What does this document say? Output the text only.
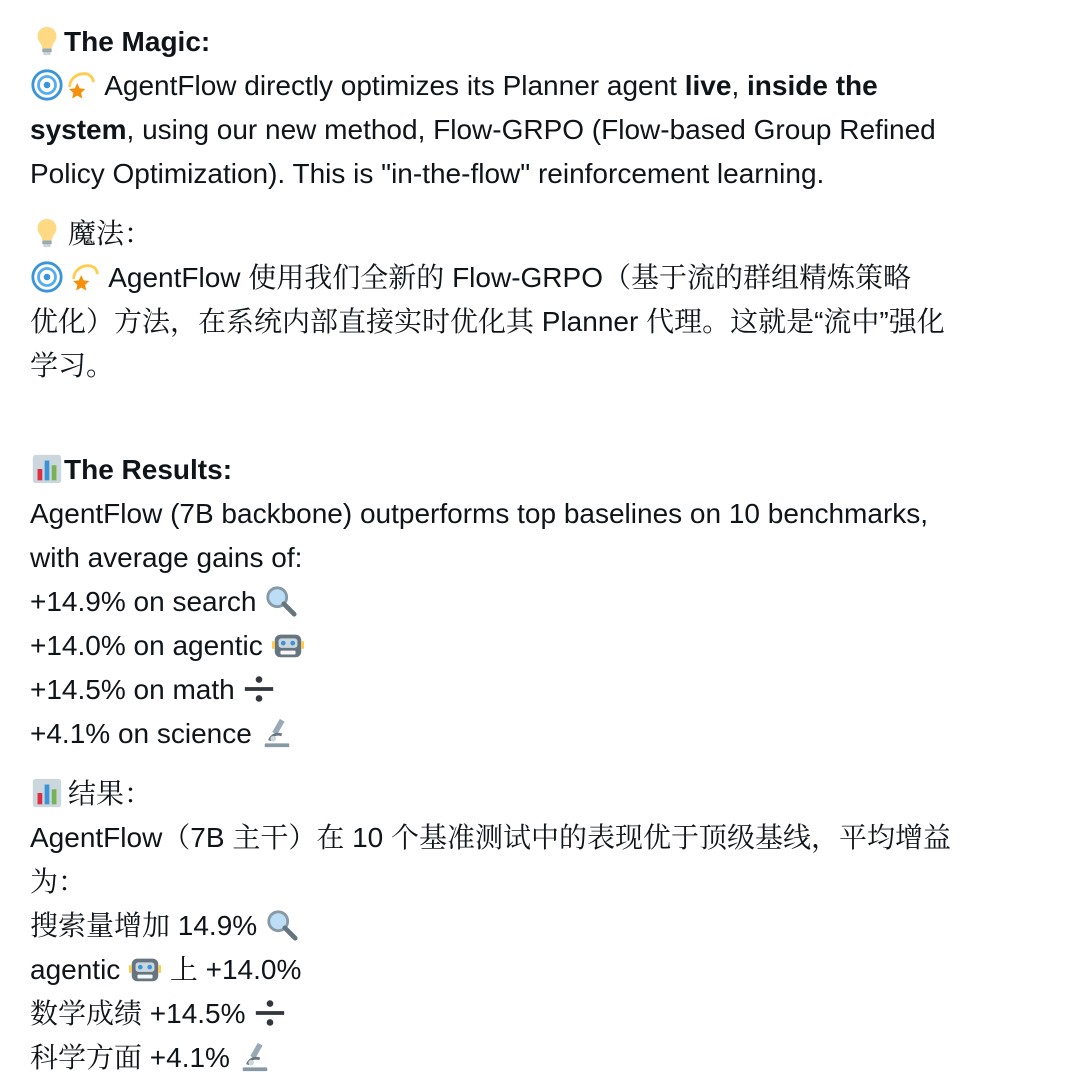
The Magic:
AgentFlow directly optimizes its Planner agent live, inside the
system, using our new method, Flow-GRPO (Flow-based Group Refined
Policy Optimization). This is "in-the-flow" reinforcement learning.
魔法：
AgentFlow 使用我们全新的 Flow-GRPO（基于流的群组精炼策略
优化）方法，在系统内部直接实时优化其 Planner 代理。这就是“流中”强化
学习。
The Results:
AgentFlow (7B backbone) outperforms top baselines on 10 benchmarks,
with average gains of:
+14.9% on search
+14.0% on agentic
+14.5% on math
+4.1% on science
结果：
AgentFlow（7B 主干）在 10 个基准测试中的表现优于顶级基线，平均增益
为：
搜索量增加 14.9%
agentic
上 +14.0%
数学成绩 +14.5%
科学方面 +4.1%
